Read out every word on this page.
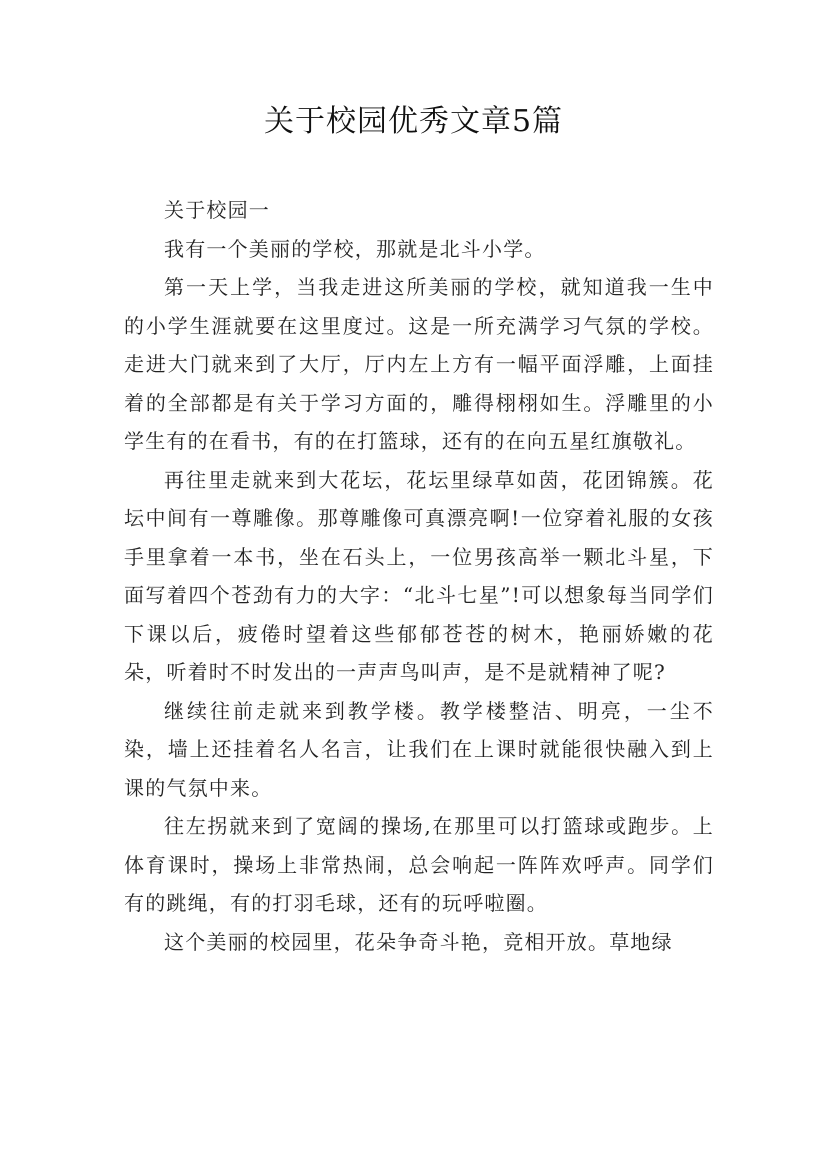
关于校园优秀文章5篇

关于校园一

我有一个美丽的学校，那就是北斗小学。

第一天上学，当我走进这所美丽的学校，就知道我一生中的小学生涯就要在这里度过。这是一所充满学习气氛的学校。走进大门就来到了大厅，厅内左上方有一幅平面浮雕，上面挂着的全部都是有关于学习方面的，雕得栩栩如生。浮雕里的小学生有的在看书，有的在打篮球，还有的在向五星红旗敬礼。

再往里走就来到大花坛，花坛里绿草如茵，花团锦簇。花坛中间有一尊雕像。那尊雕像可真漂亮啊!一位穿着礼服的女孩手里拿着一本书，坐在石头上，一位男孩高举一颗北斗星，下面写着四个苍劲有力的大字：“北斗七星”!可以想象每当同学们下课以后，疲倦时望着这些郁郁苍苍的树木，艳丽娇嫩的花朵，听着时不时发出的一声声鸟叫声，是不是就精神了呢?

继续往前走就来到教学楼。教学楼整洁、明亮，一尘不染，墙上还挂着名人名言，让我们在上课时就能很快融入到上课的气氛中来。

往左拐就来到了宽阔的操场,在那里可以打篮球或跑步。上体育课时，操场上非常热闹，总会响起一阵阵欢呼声。同学们有的跳绳，有的打羽毛球，还有的玩呼啦圈。

这个美丽的校园里，花朵争奇斗艳，竞相开放。草地绿
